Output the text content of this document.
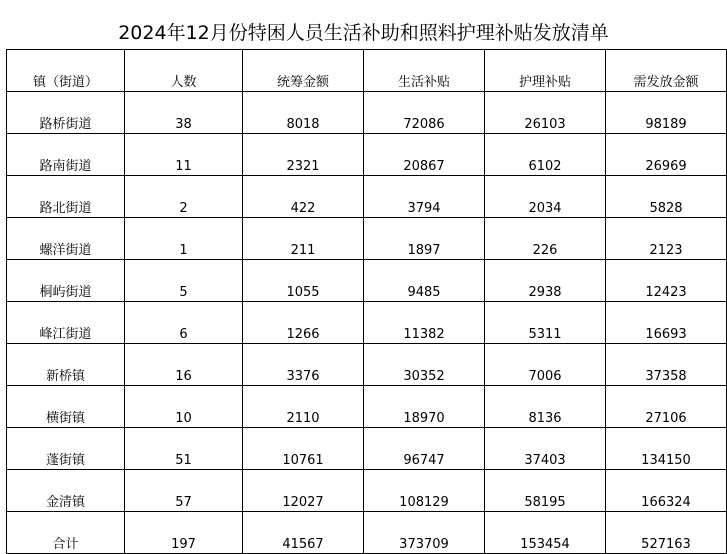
2024年12月份特困人员生活补助和照料护理补贴发放清单
镇（街道）	人数	统筹金额	生活补贴	护理补贴	需发放金额
路桥街道	38	8018	72086	26103	98189
路南街道	11	2321	20867	6102	26969
路北街道	2	422	3794	2034	5828
螺洋街道	1	211	1897	226	2123
桐屿街道	5	1055	9485	2938	12423
峰江街道	6	1266	11382	5311	16693
新桥镇	16	3376	30352	7006	37358
横街镇	10	2110	18970	8136	27106
蓬街镇	51	10761	96747	37403	134150
金清镇	57	12027	108129	58195	166324
合计	197	41567	373709	153454	527163
